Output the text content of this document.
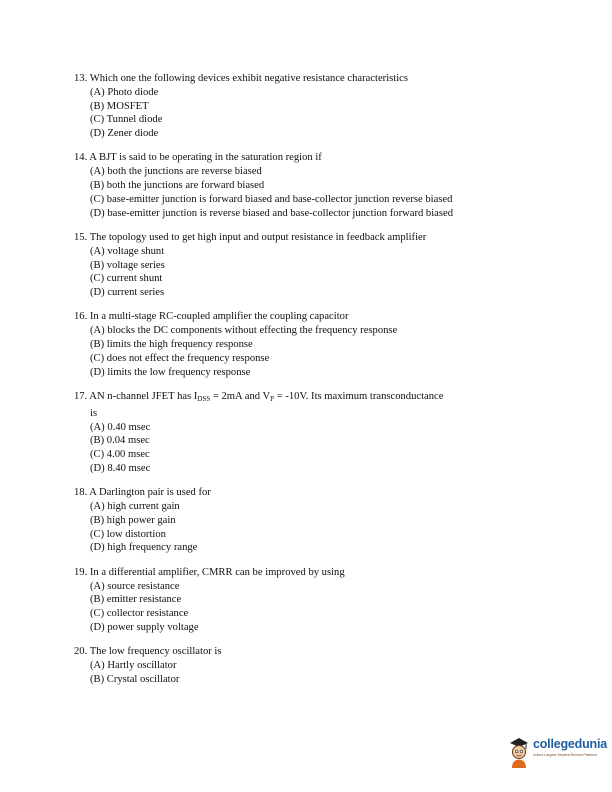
13. Which one the following devices exhibit negative resistance characteristics
(A) Photo diode
(B) MOSFET
(C) Tunnel diode
(D) Zener diode
14. A BJT is said to be operating in the saturation region if
(A) both the junctions are reverse biased
(B) both the junctions are forward biased
(C) base-emitter junction is forward biased and base-collector junction reverse biased
(D) base-emitter junction is reverse biased and base-collector junction forward biased
15. The topology used to get high input and output resistance in feedback amplifier
(A) voltage shunt
(B) voltage series
(C) current shunt
(D) current series
16. In a multi-stage RC-coupled amplifier the coupling capacitor
(A) blocks the DC components without effecting the frequency response
(B) limits the high frequency response
(C) does not effect the frequency response
(D) limits the low frequency response
17. AN n-channel JFET has $I_{DSS} = 2mA$ and $V_P = -10V$. Its maximum transconductance
is
(A) 0.40 msec
(B) 0.04 msec
(C) 4.00 msec
(D) 8.40 msec
18. A Darlington pair is used for
(A) high current gain
(B) high power gain
(C) low distortion
(D) high frequency range
19. In a differential amplifier, CMRR can be improved by using
(A) source resistance
(B) emitter resistance
(C) collector resistance
(D) power supply voltage
20. The low frequency oscillator is
(A) Hartly oscillator
(B) Crystal oscillator
collegedunia
India's Largest Student Review Platform
